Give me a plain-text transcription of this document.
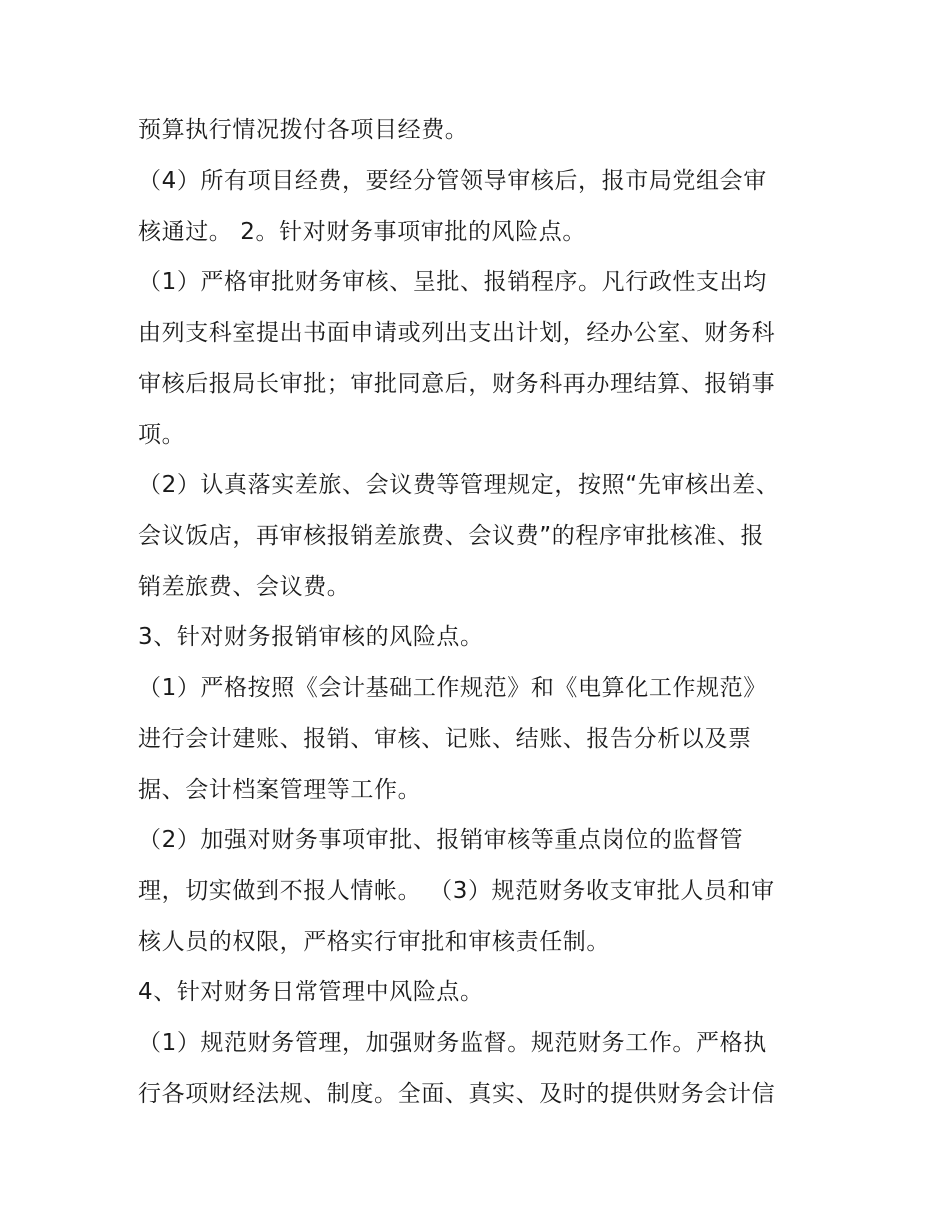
预算执行情况拨付各项目经费。
（4）所有项目经费，要经分管领导审核后，报市局党组会审
核通过。 2。针对财务事项审批的风险点。
（1）严格审批财务审核、呈批、报销程序。凡行政性支出均
由列支科室提出书面申请或列出支出计划，经办公室、财务科
审核后报局长审批；审批同意后，财务科再办理结算、报销事
项。
（2）认真落实差旅、会议费等管理规定，按照“先审核出差、
会议饭店，再审核报销差旅费、会议费”的程序审批核准、报
销差旅费、会议费。
3、针对财务报销审核的风险点。
（1）严格按照《会计基础工作规范》和《电算化工作规范》
进行会计建账、报销、审核、记账、结账、报告分析以及票
据、会计档案管理等工作。
（2）加强对财务事项审批、报销审核等重点岗位的监督管
理，切实做到不报人情帐。 （3）规范财务收支审批人员和审
核人员的权限，严格实行审批和审核责任制。
4、针对财务日常管理中风险点。
（1）规范财务管理，加强财务监督。规范财务工作。严格执
行各项财经法规、制度。全面、真实、及时的提供财务会计信
